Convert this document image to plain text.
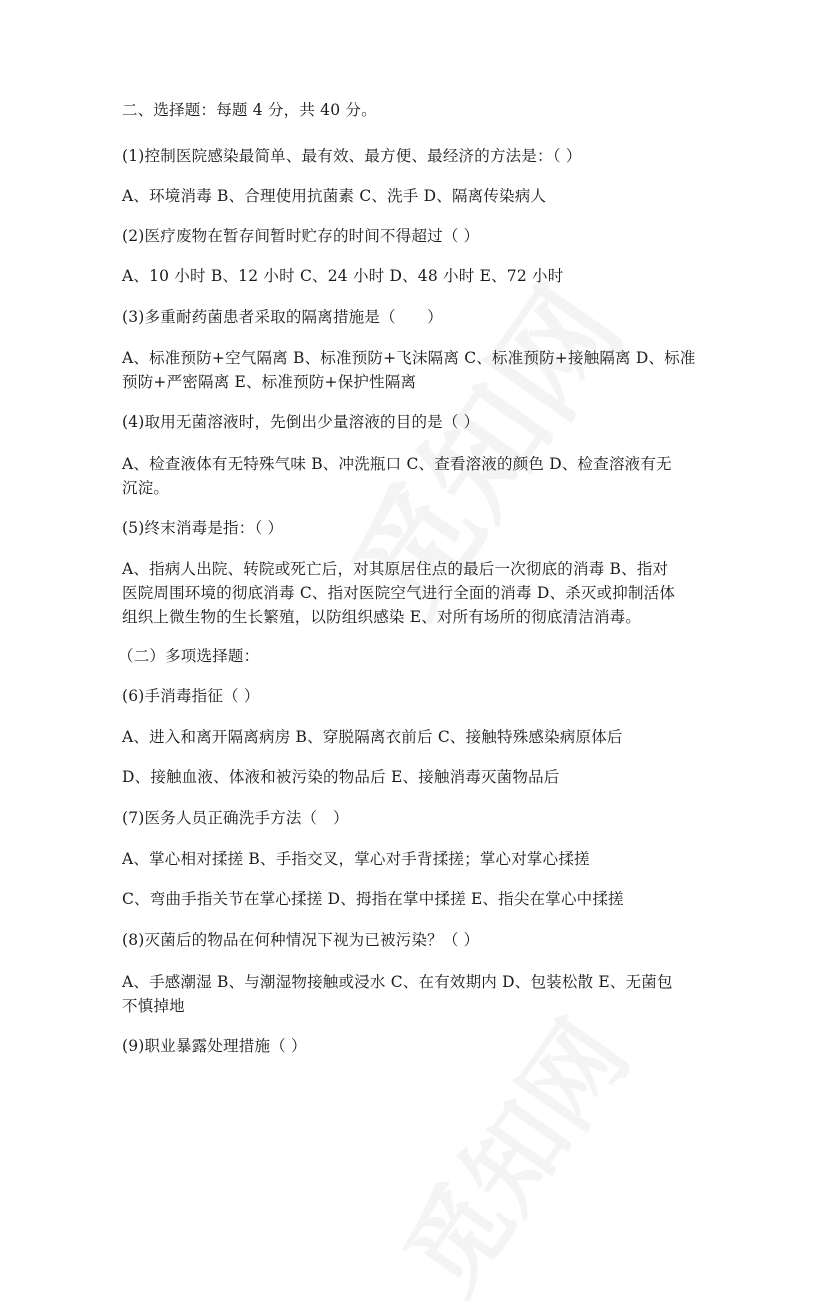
二、选择题：每题 4 分，共 40 分。
(1)控制医院感染最简单、最有效、最方便、最经济的方法是：（ ）
A、环境消毒 B、合理使用抗菌素 C、洗手 D、隔离传染病人
(2)医疗废物在暂存间暂时贮存的时间不得超过（ ）
A、10 小时 B、12 小时 C、24 小时 D、48 小时 E、72 小时
(3)多重耐药菌患者采取的隔离措施是（　　）
A、标准预防+空气隔离 B、标准预防+飞沫隔离 C、标准预防+接触隔离 D、标准
预防+严密隔离 E、标准预防+保护性隔离
(4)取用无菌溶液时，先倒出少量溶液的目的是（ ）
A、检查液体有无特殊气味 B、冲洗瓶口 C、查看溶液的颜色 D、检查溶液有无
沉淀。
(5)终末消毒是指：（ ）
A、指病人出院、转院或死亡后，对其原居住点的最后一次彻底的消毒 B、指对
医院周围环境的彻底消毒 C、指对医院空气进行全面的消毒 D、杀灭或抑制活体
组织上微生物的生长繁殖，以防组织感染 E、对所有场所的彻底清洁消毒。
（二）多项选择题：
(6)手消毒指征（ ）
A、进入和离开隔离病房 B、穿脱隔离衣前后 C、接触特殊感染病原体后
D、接触血液、体液和被污染的物品后 E、接触消毒灭菌物品后
(7)医务人员正确洗手方法（　）
A、掌心相对揉搓 B、手指交叉，掌心对手背揉搓；掌心对掌心揉搓
C、弯曲手指关节在掌心揉搓 D、拇指在掌中揉搓 E、指尖在掌心中揉搓
(8)灭菌后的物品在何种情况下视为已被污染？（ ）
A、手感潮湿 B、与潮湿物接触或浸水 C、在有效期内 D、包装松散 E、无菌包
不慎掉地
(9)职业暴露处理措施（ ）
